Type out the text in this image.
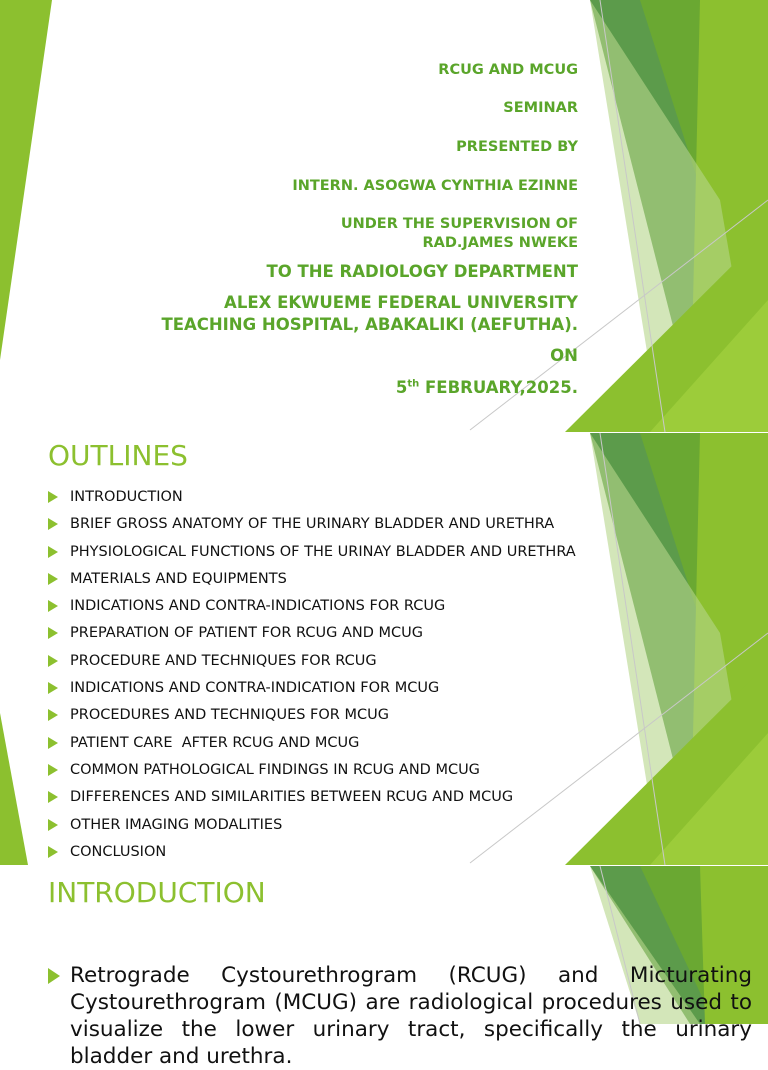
RCUG AND MCUG
SEMINAR
PRESENTED BY
INTERN. ASOGWA CYNTHIA EZINNE
UNDER THE SUPERVISION OF
RAD.JAMES NWEKE
TO THE RADIOLOGY DEPARTMENT
ALEX EKWUEME FEDERAL UNIVERSITY
TEACHING HOSPITAL, ABAKALIKI (AEFUTHA).
ON
5th FEBRUARY,2025.
OUTLINES
INTRODUCTION
BRIEF GROSS ANATOMY OF THE URINARY BLADDER AND URETHRA
PHYSIOLOGICAL FUNCTIONS OF THE URINAY BLADDER AND URETHRA
MATERIALS AND EQUIPMENTS
INDICATIONS AND CONTRA-INDICATIONS FOR RCUG
PREPARATION OF PATIENT FOR RCUG AND MCUG
PROCEDURE AND TECHNIQUES FOR RCUG
INDICATIONS AND CONTRA-INDICATION FOR MCUG
PROCEDURES AND TECHNIQUES FOR MCUG
PATIENT CARE  AFTER RCUG AND MCUG
COMMON PATHOLOGICAL FINDINGS IN RCUG AND MCUG
DIFFERENCES AND SIMILARITIES BETWEEN RCUG AND MCUG
OTHER IMAGING MODALITIES
CONCLUSION
INTRODUCTION
Retrograde Cystourethrogram (RCUG) and Micturating Cystourethrogram (MCUG) are radiological procedures used to visualize the lower urinary tract, specifically the urinary bladder and urethra.
